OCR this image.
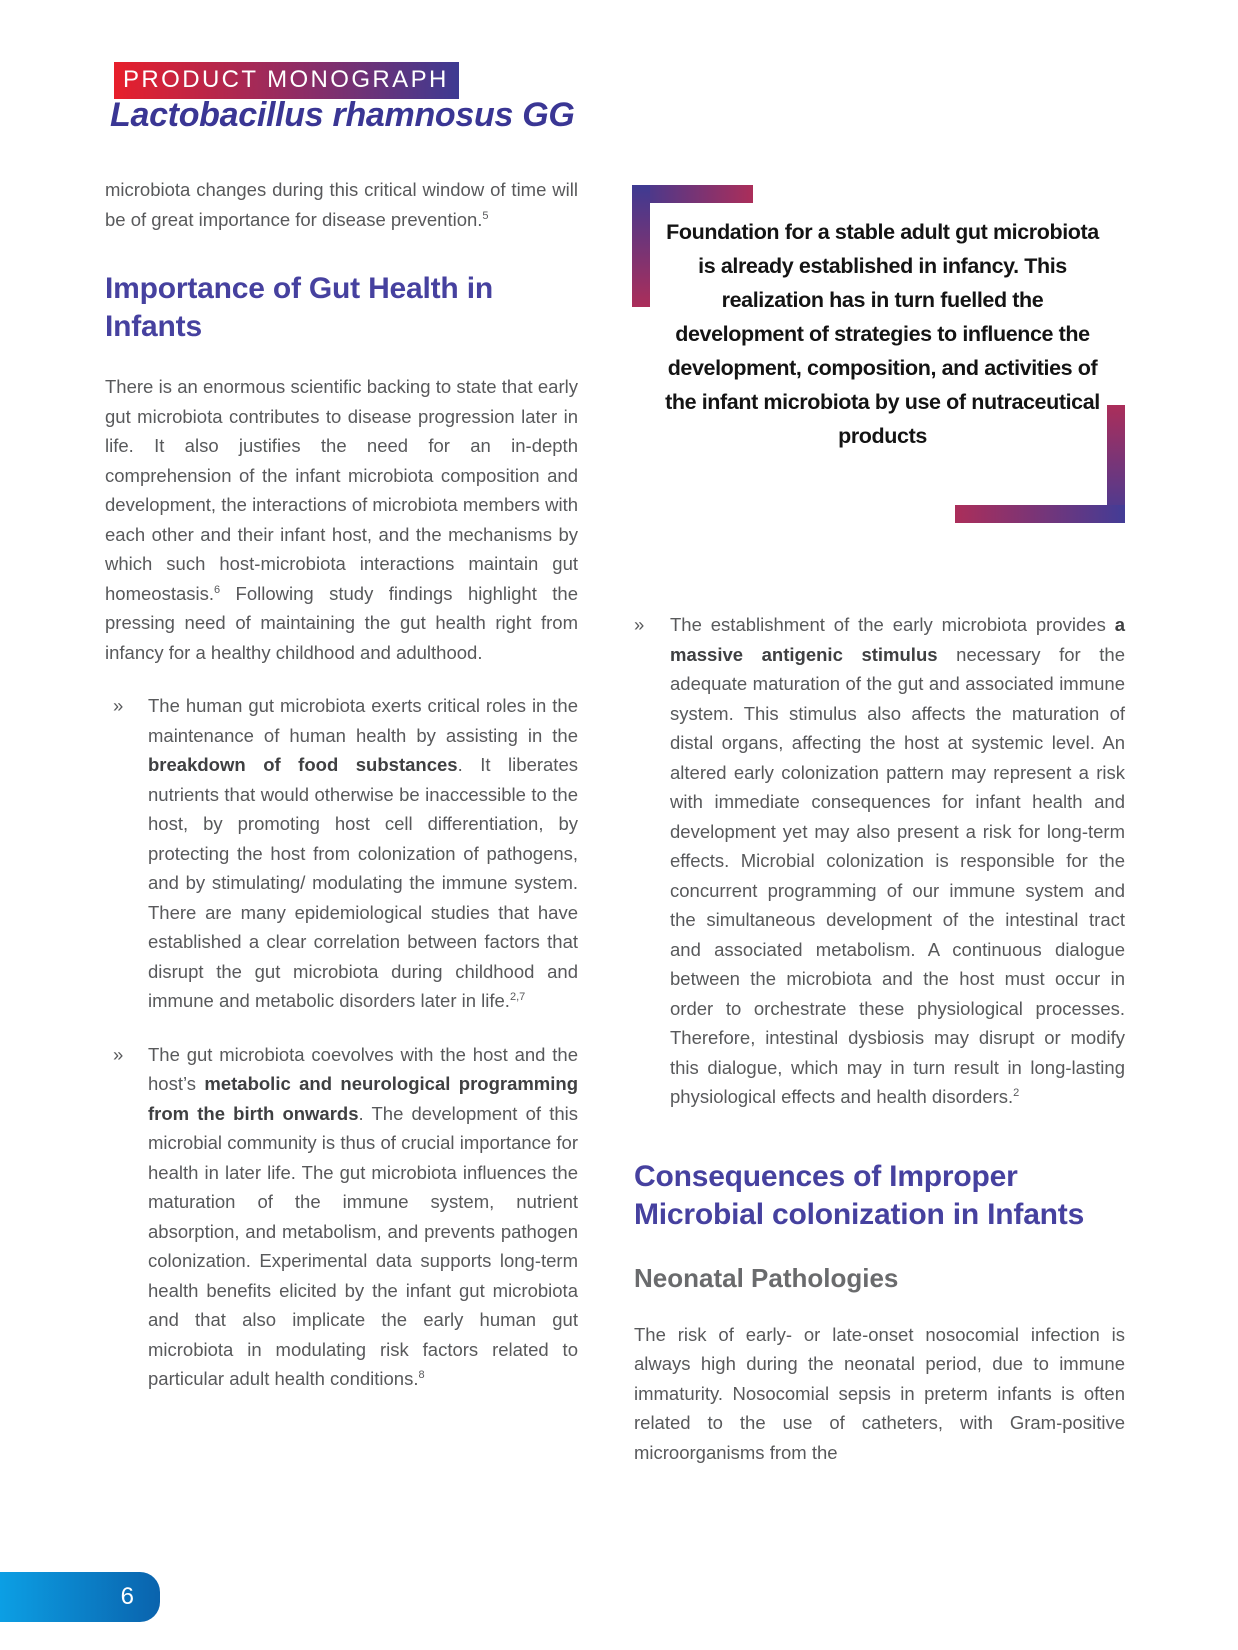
PRODUCT MONOGRAPH
Lactobacillus rhamnosus GG
microbiota changes during this critical window of time will be of great importance for disease prevention.$^5$
Importance of Gut Health in Infants
There is an enormous scientific backing to state that early gut microbiota contributes to disease progression later in life. It also justifies the need for an in-depth comprehension of the infant microbiota composition and development, the interactions of microbiota members with each other and their infant host, and the mechanisms by which such host-microbiota interactions maintain gut homeostasis.$^6$ Following study findings highlight the pressing need of maintaining the gut health right from infancy for a healthy childhood and adulthood.
» The human gut microbiota exerts critical roles in the maintenance of human health by assisting in the breakdown of food substances. It liberates nutrients that would otherwise be inaccessible to the host, by promoting host cell differentiation, by protecting the host from colonization of pathogens, and by stimulating/ modulating the immune system. There are many epidemiological studies that have established a clear correlation between factors that disrupt the gut microbiota during childhood and immune and metabolic disorders later in life.$^{2,7}$
» The gut microbiota coevolves with the host and the host’s metabolic and neurological programming from the birth onwards. The development of this microbial community is thus of crucial importance for health in later life. The gut microbiota influences the maturation of the immune system, nutrient absorption, and metabolism, and prevents pathogen colonization. Experimental data supports long-term health benefits elicited by the infant gut microbiota and that also implicate the early human gut microbiota in modulating risk factors related to particular adult health conditions.$^8$
Foundation for a stable adult gut microbiota is already established in infancy. This realization has in turn fuelled the development of strategies to influence the development, composition, and activities of the infant microbiota by use of nutraceutical products
» The establishment of the early microbiota provides a massive antigenic stimulus necessary for the adequate maturation of the gut and associated immune system. This stimulus also affects the maturation of distal organs, affecting the host at systemic level. An altered early colonization pattern may represent a risk with immediate consequences for infant health and development yet may also present a risk for long-term effects. Microbial colonization is responsible for the concurrent programming of our immune system and the simultaneous development of the intestinal tract and associated metabolism. A continuous dialogue between the microbiota and the host must occur in order to orchestrate these physiological processes. Therefore, intestinal dysbiosis may disrupt or modify this dialogue, which may in turn result in long-lasting physiological effects and health disorders.$^2$
Consequences of Improper Microbial colonization in Infants
Neonatal Pathologies
The risk of early- or late-onset nosocomial infection is always high during the neonatal period, due to immune immaturity. Nosocomial sepsis in preterm infants is often related to the use of catheters, with Gram-positive microorganisms from the
6
